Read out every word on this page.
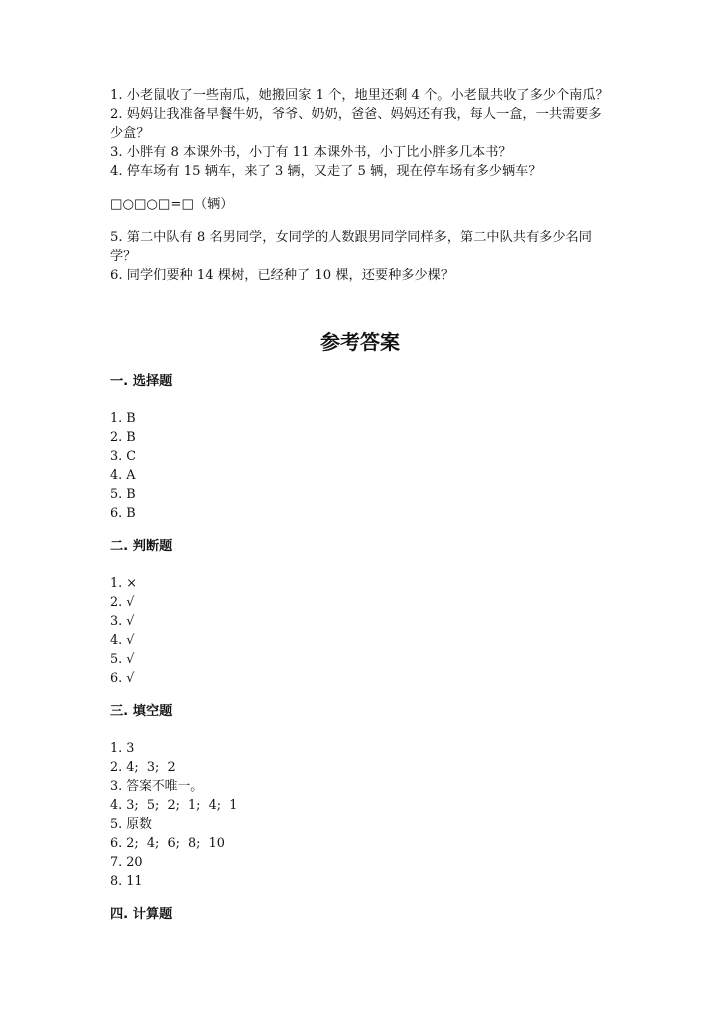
1. 小老鼠收了一些南瓜，她搬回家 1 个，地里还剩 4 个。小老鼠共收了多少个南瓜？

2. 妈妈让我准备早餐牛奶，爷爷、奶奶，爸爸、妈妈还有我，每人一盒，一共需要多少盒？

3. 小胖有 8 本课外书，小丁有 11 本课外书，小丁比小胖多几本书？

4. 停车场有 15 辆车，来了 3 辆，又走了 5 辆，现在停车场有多少辆车？

□○□○□=□（辆）

5. 第二中队有 8 名男同学，女同学的人数跟男同学同样多，第二中队共有多少名同学？

6. 同学们要种 14 棵树，已经种了 10 棵，还要种多少棵？

参考答案

一. 选择题

1. B
2. B
3. C
4. A
5. B
6. B

二. 判断题

1. ×
2. √
3. √
4. √
5. √
6. √

三. 填空题

1. 3
2. 4;  3;  2
3. 答案不唯一。
4. 3;  5;  2;  1;  4;  1
5. 原数
6. 2;  4;  6;  8;  10
7. 20
8. 11

四. 计算题
